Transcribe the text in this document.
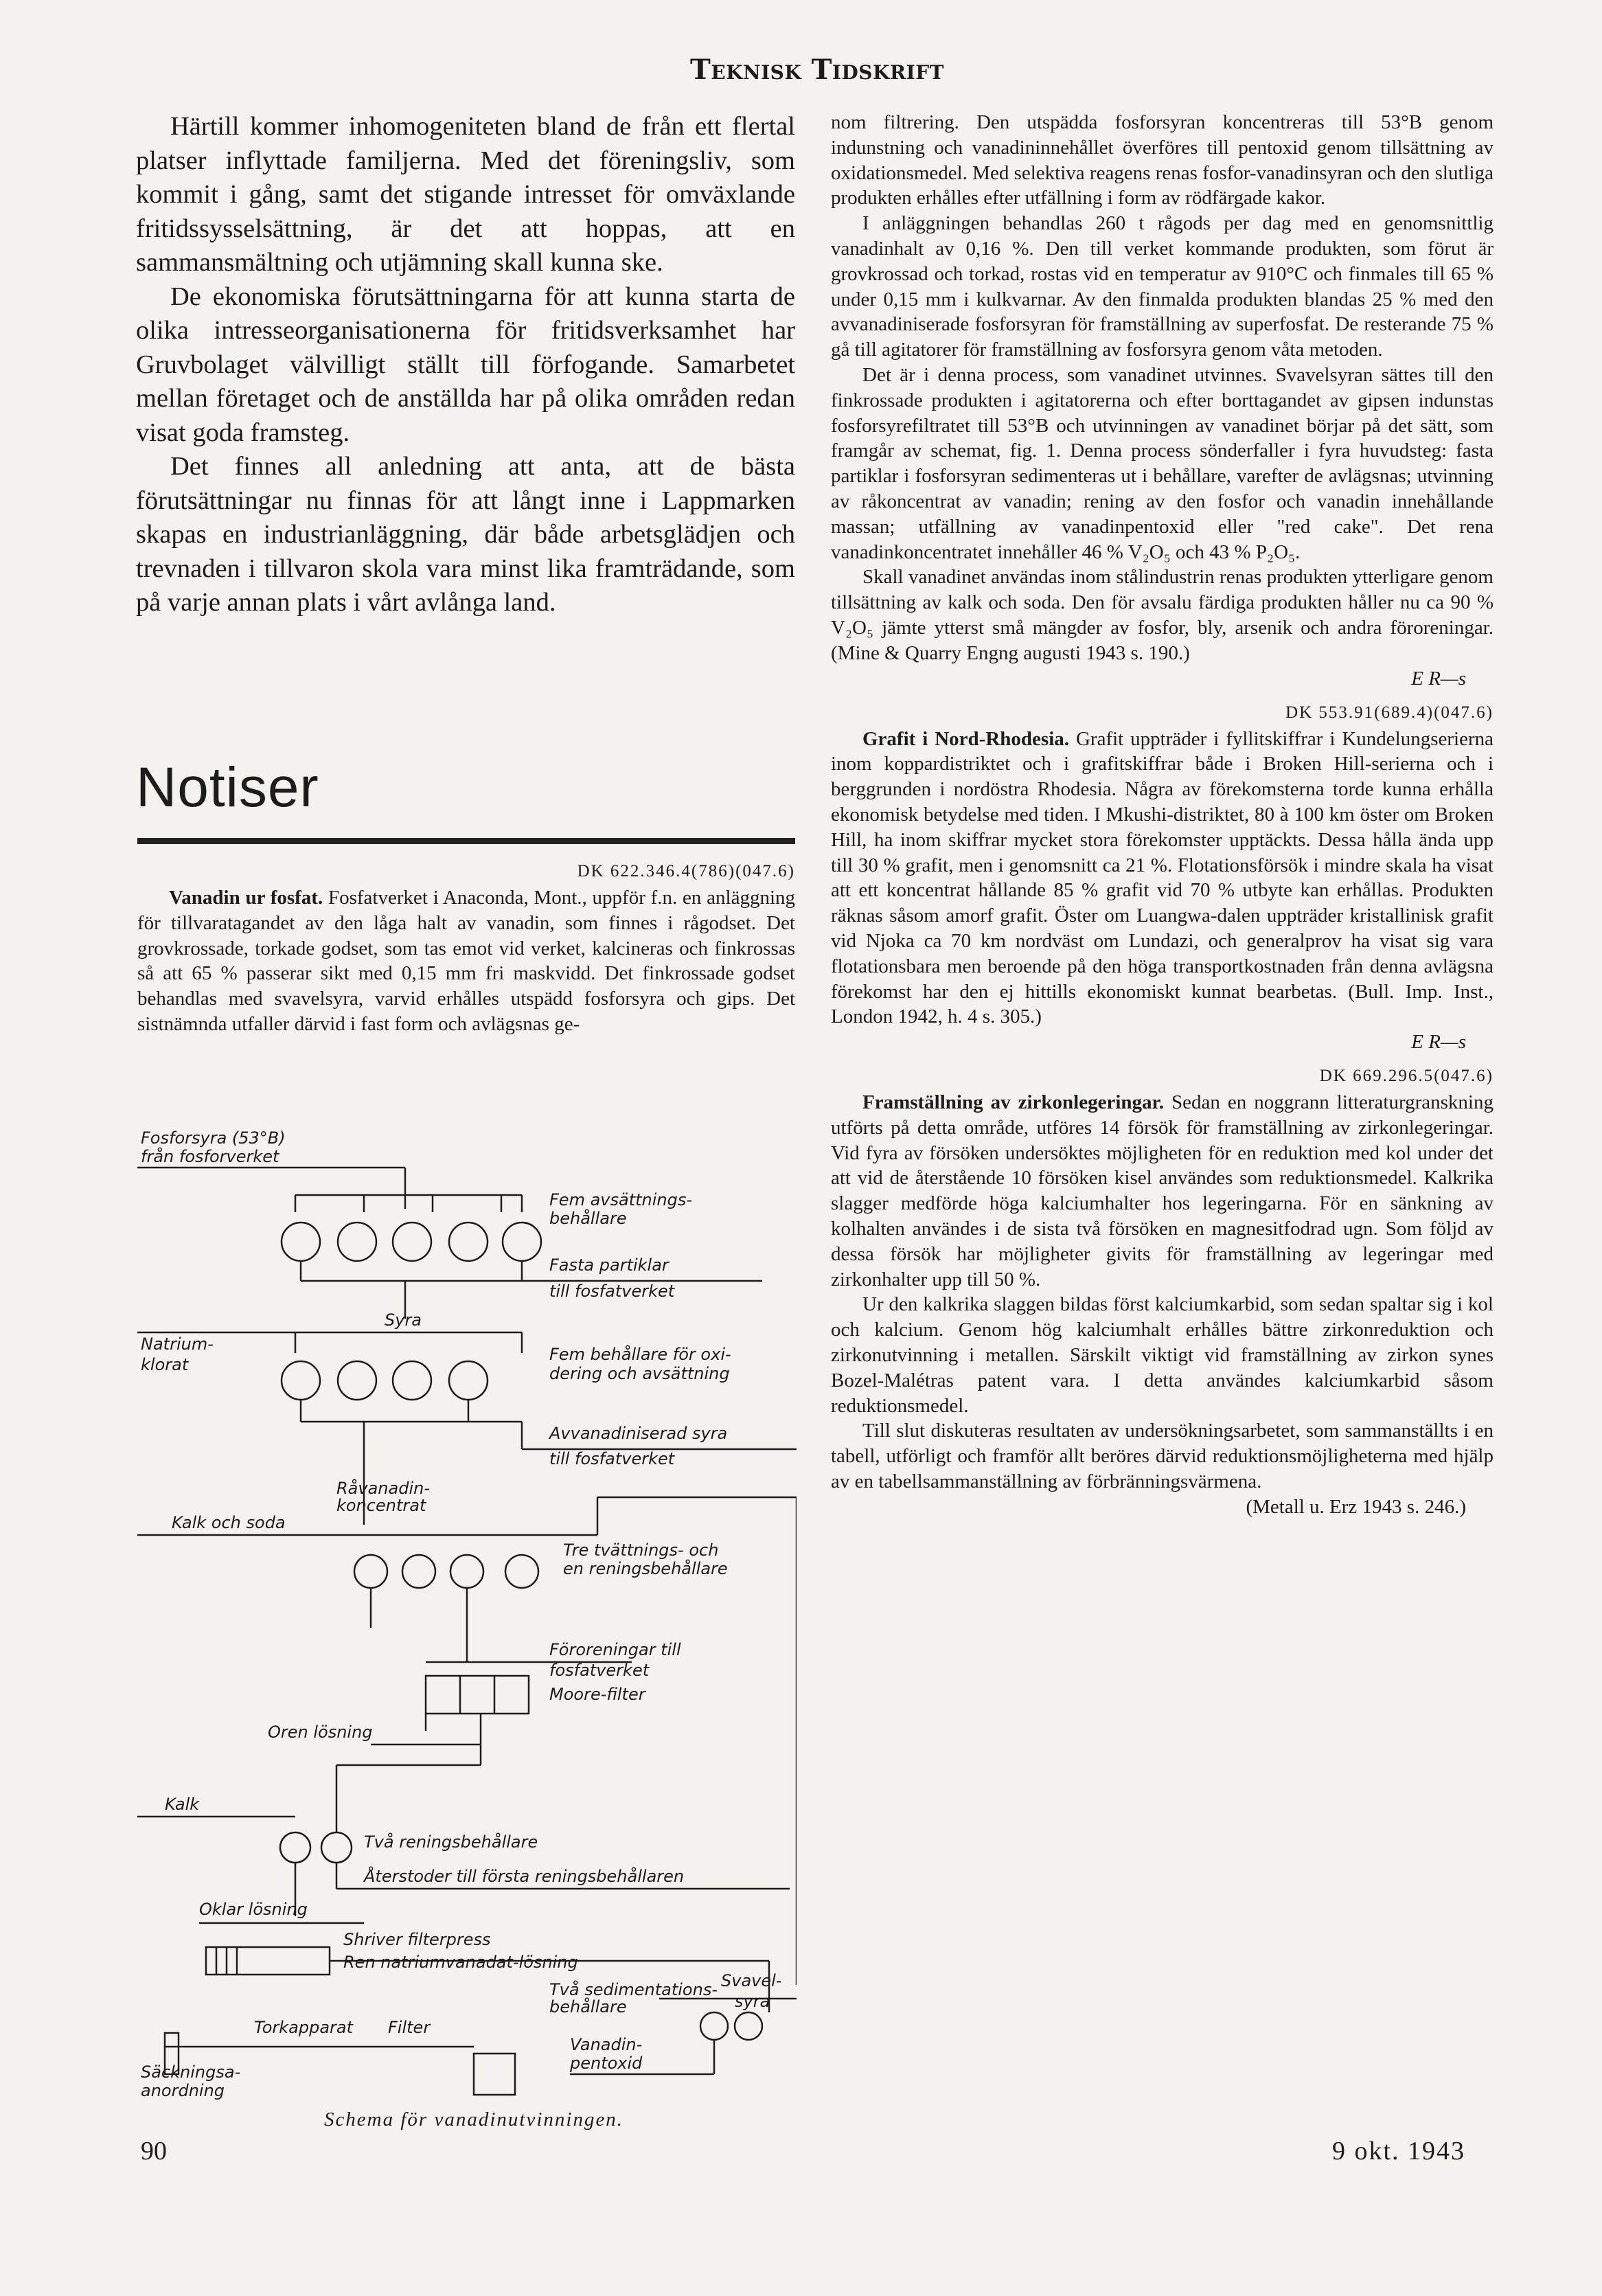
Teknisk Tidskrift

Härtill kommer inhomogeniteten bland de från ett flertal platser inflyttade familjerna. Med det föreningsliv, som kommit i gång, samt det stigande intresset för omväxlande fritidssysselsättning, är det att hoppas, att en sammansmältning och utjämning skall kunna ske.

De ekonomiska förutsättningarna för att kunna starta de olika intresseorganisationerna för fritidsverksamhet har Gruvbolaget välvilligt ställt till förfogande. Samarbetet mellan företaget och de anställda har på olika områden redan visat goda framsteg.

Det finnes all anledning att anta, att de bästa förutsättningar nu finnas för att långt inne i Lappmarken skapas en industrianläggning, där både arbetsglädjen och trevnaden i tillvaron skola vara minst lika framträdande, som på varje annan plats i vårt avlånga land.

Notiser
DK 622.346.4(786)(047.6)

Vanadin ur fosfat. Fosfatverket i Anaconda, Mont., uppför f.n. en anläggning för tillvaratagandet av den låga halt av vanadin, som finnes i rågodset. Det grovkrossade, torkade godset, som tas emot vid verket, kalcineras och finkrossas så att 65 % passerar sikt med 0,15 mm fri maskvidd. Det finkrossade godset behandlas med svavelsyra, varvid erhålles utspädd fosforsyra och gips. Det sistnämnda utfaller därvid i fast form och avlägsnas ge-

Fosforsyra (53°B)
från fosforverket
Fem avsättnings-
behållare
Fasta partiklar
till fosfatverket
Syra
Natrium-
klorat
Fem behållare för oxi-
dering och avsättning
Avvanadiniserad syra
till fosfatverket
Råvanadin-
koncentrat
Kalk och soda
Tre tvättnings- och
en reningsbehållare
Föroreningar till
fosfatverket
Moore-filter
Oren lösning
Kalk
Två reningsbehållare
Återstoder till första reningsbehållaren
Oklar lösning
Shriver filterpress
Ren natriumvanadat-lösning
Två sedimentations-
behållare
Svavel-
syra
Torkapparat Filter
Vanadin-
pentoxid
Säckningsa-
anordning
Schema för vanadinutvinningen.

nom filtrering. Den utspädda fosforsyran koncentreras till 53°B genom indunstning och vanadininnehållet överföres till pentoxid genom tillsättning av oxidationsmedel. Med selektiva reagens renas fosfor-vanadinsyran och den slutliga produkten erhålles efter utfällning i form av rödfärgade kakor.

I anläggningen behandlas 260 t rågods per dag med en genomsnittlig vanadinhalt av 0,16 %. Den till verket kommande produkten, som förut är grovkrossad och torkad, rostas vid en temperatur av 910°C och finmales till 65 % under 0,15 mm i kulkvarnar. Av den finmalda produkten blandas 25 % med den avvanadiniserade fosforsyran för framställning av superfosfat. De resterande 75 % gå till agitatorer för framställning av fosforsyra genom våta metoden.

Det är i denna process, som vanadinet utvinnes. Svavelsyran sättes till den finkrossade produkten i agitatorerna och efter borttagandet av gipsen indunstas fosforsyrefiltratet till 53°B och utvinningen av vanadinet börjar på det sätt, som framgår av schemat, fig. 1. Denna process sönderfaller i fyra huvudsteg: fasta partiklar i fosforsyran sedimenteras ut i behållare, varefter de avlägsnas; utvinning av råkoncentrat av vanadin; rening av den fosfor och vanadin innehållande massan; utfällning av vanadinpentoxid eller "red cake". Det rena vanadinkoncentratet innehåller 46 % V₂O₅ och 43 % P₂O₅.

Skall vanadinet användas inom stålindustrin renas produkten ytterligare genom tillsättning av kalk och soda. Den för avsalu färdiga produkten håller nu ca 90 % V₂O₅ jämte ytterst små mängder av fosfor, bly, arsenik och andra föroreningar. (Mine & Quarry Engng augusti 1943 s. 190.)

E R—s
DK 553.91(689.4)(047.6)

Grafit i Nord-Rhodesia. Grafit uppträder i fyllitskiffrar i Kundelungserierna inom koppardistriktet och i grafitskiffrar både i Broken Hill-serierna och i berggrunden i nordöstra Rhodesia. Några av förekomsterna torde kunna erhålla ekonomisk betydelse med tiden. I Mkushi-distriktet, 80 à 100 km öster om Broken Hill, ha inom skiffrar mycket stora förekomster upptäckts. Dessa hålla ända upp till 30 % grafit, men i genomsnitt ca 21 %. Flotationsförsök i mindre skala ha visat att ett koncentrat hållande 85 % grafit vid 70 % utbyte kan erhållas. Produkten räknas såsom amorf grafit. Öster om Luangwa-dalen uppträder kristallinisk grafit vid Njoka ca 70 km nordväst om Lundazi, och generalprov ha visat sig vara flotationsbara men beroende på den höga transportkostnaden från denna avlägsna förekomst har den ej hittills ekonomiskt kunnat bearbetas. (Bull. Imp. Inst., London 1942, h. 4 s. 305.)

E R—s
DK 669.296.5(047.6)

Framställning av zirkonlegeringar. Sedan en noggrann litteraturgranskning utförts på detta område, utföres 14 försök för framställning av zirkonlegeringar. Vid fyra av försöken undersöktes möjligheten för en reduktion med kol under det att vid de återstående 10 försöken kisel användes som reduktionsmedel. Kalkrika slagger medförde höga kalciumhalter hos legeringarna. För en sänkning av kolhalten användes i de sista två försöken en magnesitfodrad ugn. Som följd av dessa försök har möjligheter givits för framställning av legeringar med zirkonhalter upp till 50 %.

Ur den kalkrika slaggen bildas först kalciumkarbid, som sedan spaltar sig i kol och kalcium. Genom hög kalciumhalt erhålles bättre zirkonreduktion och zirkonutvinning i metallen. Särskilt viktigt vid framställning av zirkon synes Bozel-Malétras patent vara. I detta användes kalciumkarbid såsom reduktionsmedel.

Till slut diskuteras resultaten av undersökningsarbetet, som sammanställts i en tabell, utförligt och framför allt beröres därvid reduktionsmöjligheterna med hjälp av en tabellsammanställning av förbränningsvärmena.

(Metall u. Erz 1943 s. 246.)
90	9 okt. 1943
